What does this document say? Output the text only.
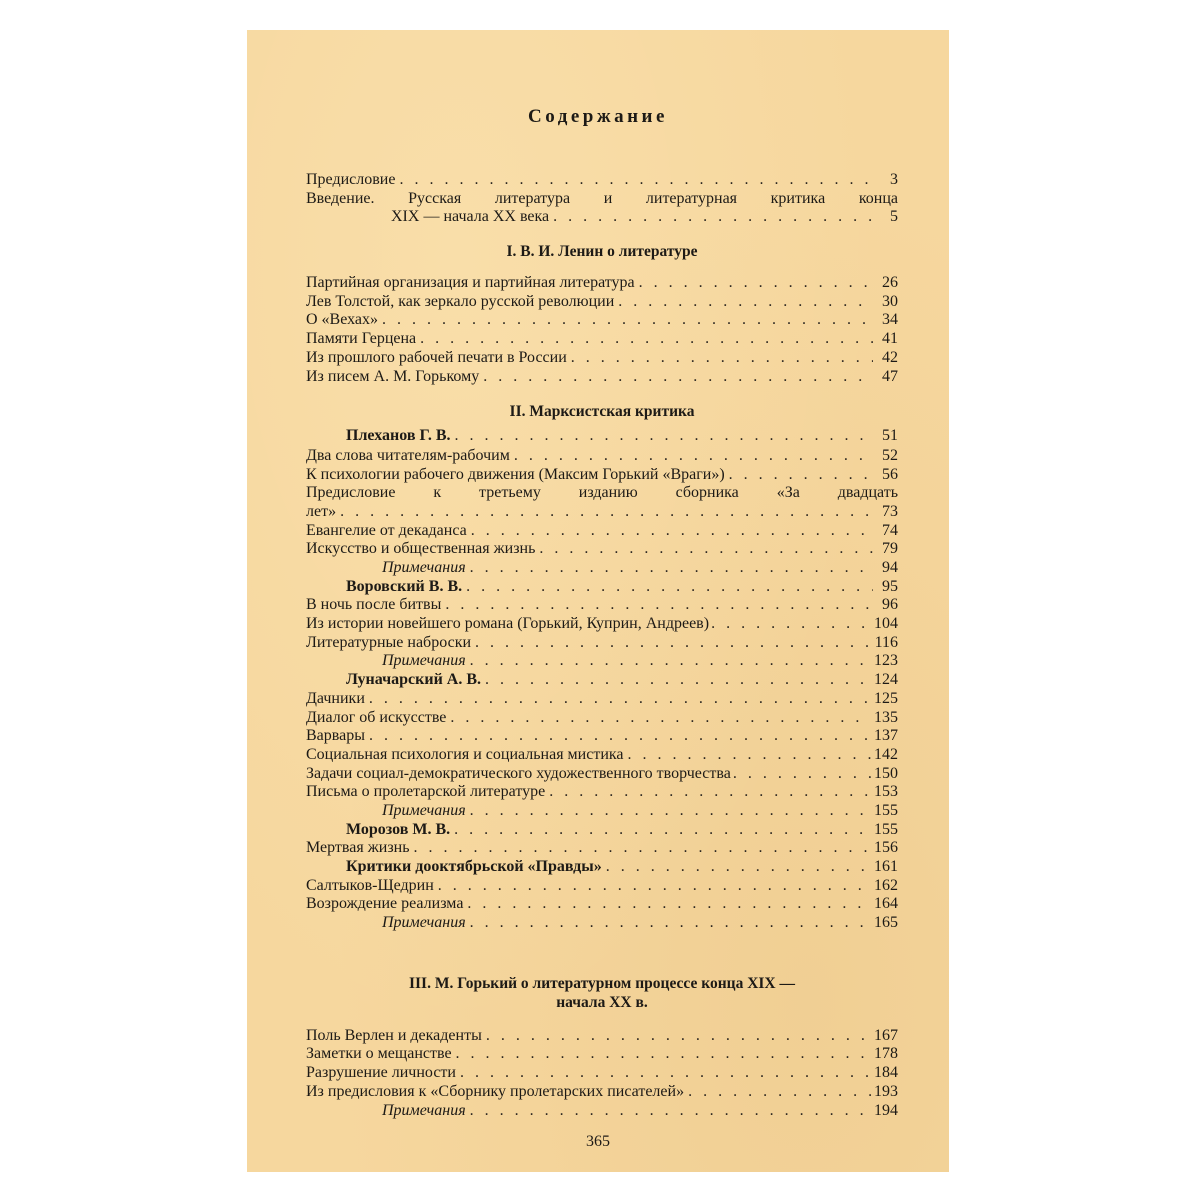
Содержание
Предисловие . . .	3
Введение. Русская литература и литературная критика конца
XIX — начала XX века . . .	5
I. В. И. Ленин о литературе
Партийная организация и партийная литература . . .	26
Лев Толстой, как зеркало русской революции . . .	30
О «Вехах» . . .	34
Памяти Герцена . . .	41
Из прошлого рабочей печати в России . . .	42
Из писем А. М. Горькому . . .	47
II. Марксистская критика
Плеханов Г. В. . . .	51
Два слова читателям-рабочим . . .	52
К психологии рабочего движения (Максим Горький «Враги») . . .	56
Предисловие к третьему изданию сборника «За двадцать
лет» . . .	73
Евангелие от декаданса . . .	74
Искусство и общественная жизнь . . .	79
Примечания . . .	94
Воровский В. В. . . .	95
В ночь после битвы . . .	96
Из истории новейшего романа (Горький, Куприн, Андреев) . . .	104
Литературные наброски . . .	116
Примечания . . .	123
Луначарский А. В. . . .	124
Дачники . . .	125
Диалог об искусстве . . .	135
Варвары . . .	137
Социальная психология и социальная мистика . . .	142
Задачи социал-демократического художественного творчества . . .	150
Письма о пролетарской литературе . . .	153
Примечания . . .	155
Морозов М. В. . . .	155
Мертвая жизнь . . .	156
Критики дооктябрьской «Правды» . . .	161
Салтыков-Щедрин . . .	162
Возрождение реализма . . .	164
Примечания . . .	165
III. М. Горький о литературном процессе конца XIX —
начала XX в.
Поль Верлен и декаденты . . .	167
Заметки о мещанстве . . .	178
Разрушение личности . . .	184
Из предисловия к «Сборнику пролетарских писателей» . . .	193
Примечания . . .	194
365
